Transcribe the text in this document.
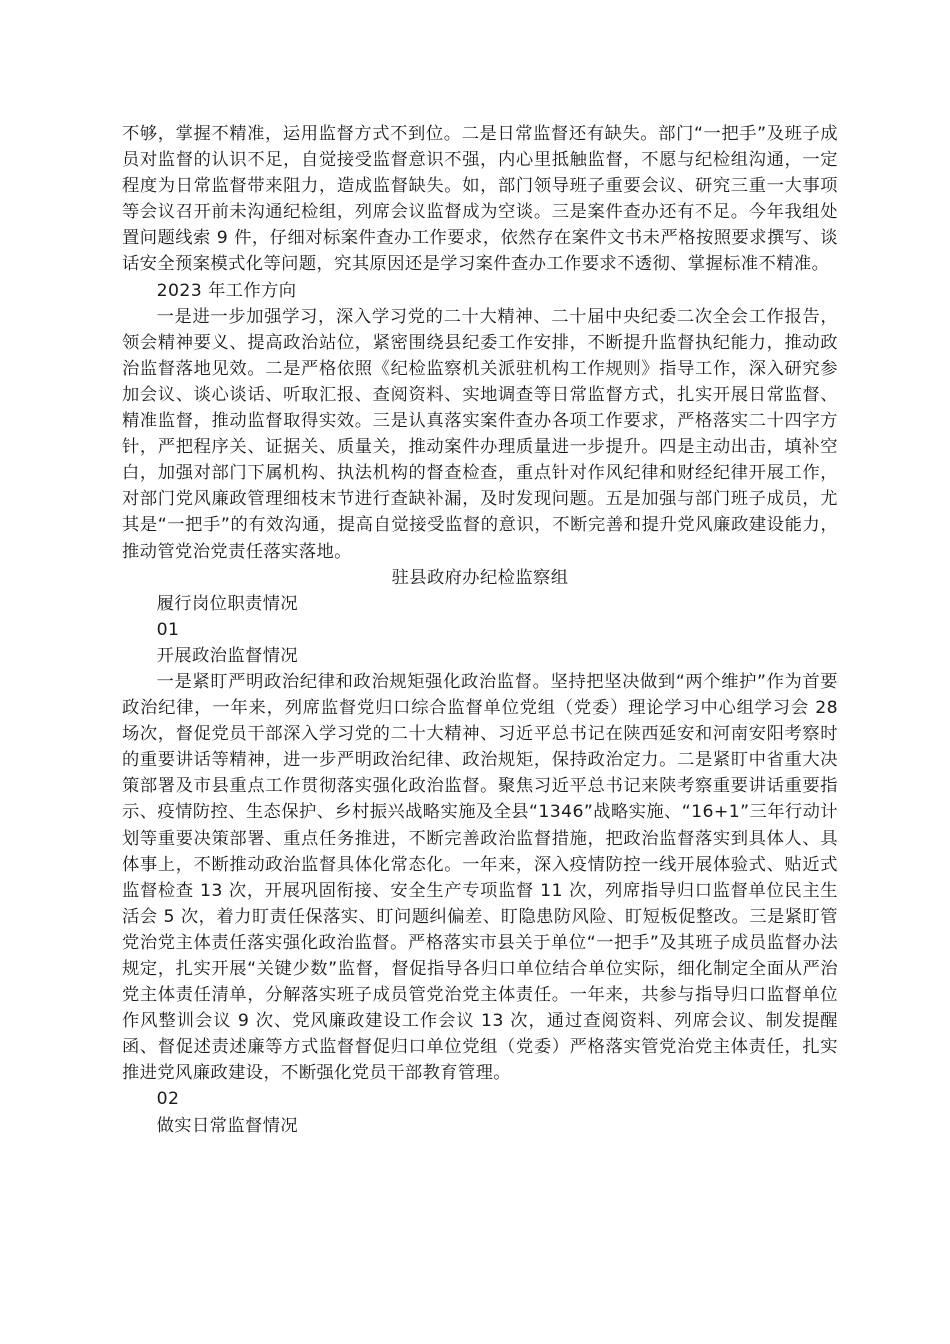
不够，掌握不精准，运用监督方式不到位。二是日常监督还有缺失。部门“一把手”及班子成员对监督的认识不足，自觉接受监督意识不强，内心里抵触监督，不愿与纪检组沟通，一定程度为日常监督带来阻力，造成监督缺失。如，部门领导班子重要会议、研究三重一大事项等会议召开前未沟通纪检组，列席会议监督成为空谈。三是案件查办还有不足。今年我组处置问题线索 9 件，仔细对标案件查办工作要求，依然存在案件文书未严格按照要求撰写、谈话安全预案模式化等问题，究其原因还是学习案件查办工作要求不透彻、掌握标准不精准。

2023 年工作方向

一是进一步加强学习，深入学习党的二十大精神、二十届中央纪委二次全会工作报告，领会精神要义、提高政治站位，紧密围绕县纪委工作安排，不断提升监督执纪能力，推动政治监督落地见效。二是严格依照《纪检监察机关派驻机构工作规则》指导工作，深入研究参加会议、谈心谈话、听取汇报、查阅资料、实地调查等日常监督方式，扎实开展日常监督、精准监督，推动监督取得实效。三是认真落实案件查办各项工作要求，严格落实二十四字方针，严把程序关、证据关、质量关，推动案件办理质量进一步提升。四是主动出击，填补空白，加强对部门下属机构、执法机构的督查检查，重点针对作风纪律和财经纪律开展工作，对部门党风廉政管理细枝末节进行查缺补漏，及时发现问题。五是加强与部门班子成员，尤其是“一把手”的有效沟通，提高自觉接受监督的意识，不断完善和提升党风廉政建设能力，推动管党治党责任落实落地。

驻县政府办纪检监察组

履行岗位职责情况

01

开展政治监督情况

一是紧盯严明政治纪律和政治规矩强化政治监督。坚持把坚决做到“两个维护”作为首要政治纪律，一年来，列席监督党归口综合监督单位党组（党委）理论学习中心组学习会 28 场次，督促党员干部深入学习党的二十大精神、习近平总书记在陕西延安和河南安阳考察时的重要讲话等精神，进一步严明政治纪律、政治规矩，保持政治定力。二是紧盯中省重大决策部署及市县重点工作贯彻落实强化政治监督。聚焦习近平总书记来陕考察重要讲话重要指示、疫情防控、生态保护、乡村振兴战略实施及全县“1346”战略实施、“16+1”三年行动计划等重要决策部署、重点任务推进，不断完善政治监督措施，把政治监督落实到具体人、具体事上，不断推动政治监督具体化常态化。一年来，深入疫情防控一线开展体验式、贴近式监督检查 13 次，开展巩固衔接、安全生产专项监督 11 次，列席指导归口监督单位民主生活会 5 次，着力盯责任保落实、盯问题纠偏差、盯隐患防风险、盯短板促整改。三是紧盯管党治党主体责任落实强化政治监督。严格落实市县关于单位“一把手”及其班子成员监督办法规定，扎实开展“关键少数”监督，督促指导各归口单位结合单位实际，细化制定全面从严治党主体责任清单，分解落实班子成员管党治党主体责任。一年来，共参与指导归口监督单位作风整训会议 9 次、党风廉政建设工作会议 13 次，通过查阅资料、列席会议、制发提醒函、督促述责述廉等方式监督督促归口单位党组（党委）严格落实管党治党主体责任，扎实推进党风廉政建设，不断强化党员干部教育管理。

02

做实日常监督情况
